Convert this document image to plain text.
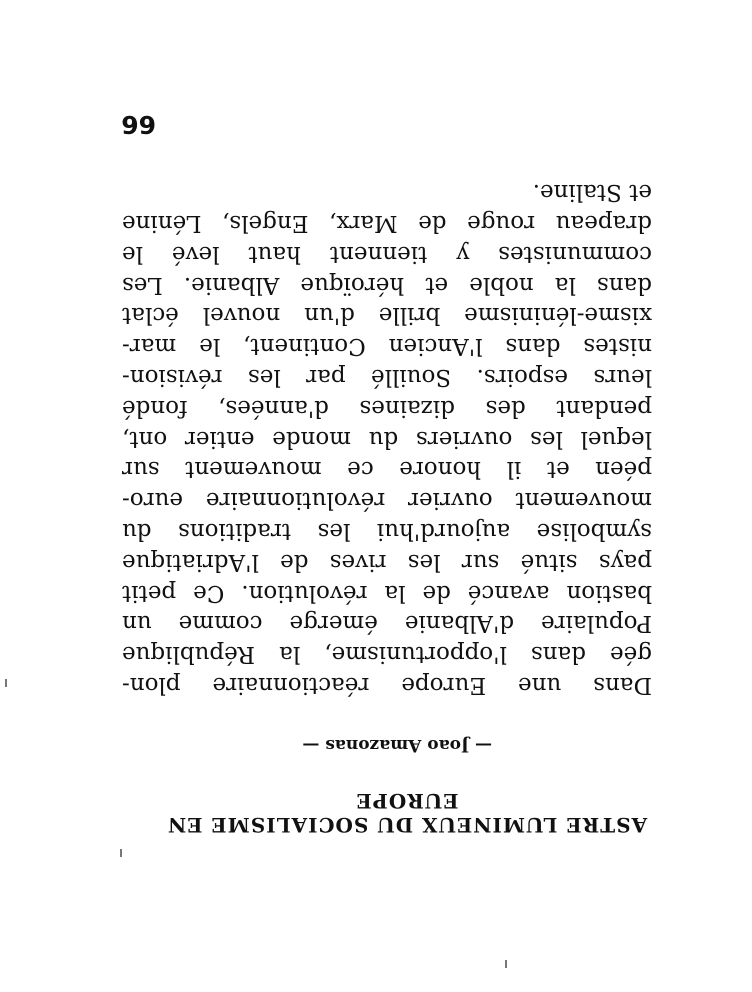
ASTRE LUMINEUX DU SOCIALISME EN
EUROPE
— Joao Amazonas —
Dans une Europe réactionnaire plon-
gée dans l'opportunisme, la République
Populaire d'Albanie émerge comme un
bastion avancé de la révolution. Ce petit
pays situé sur les rives de l'Adriatique
symbolise aujourd'hui les traditions du
mouvement ouvrier révolutionnaire euro-
péen et il honore ce mouvement sur
lequel les ouvriers du monde entier ont,
pendant des dizaines d'années, fondé
leurs espoirs. Souillé par les révision-
nistes dans l'Ancien Continent, le mar-
xisme-léninisme brille d'un nouvel éclat
dans la noble et héroïque Albanie. Les
communistes y tiennent haut levé le
drapeau rouge de Marx, Engels, Lénine
et Staline.
66
